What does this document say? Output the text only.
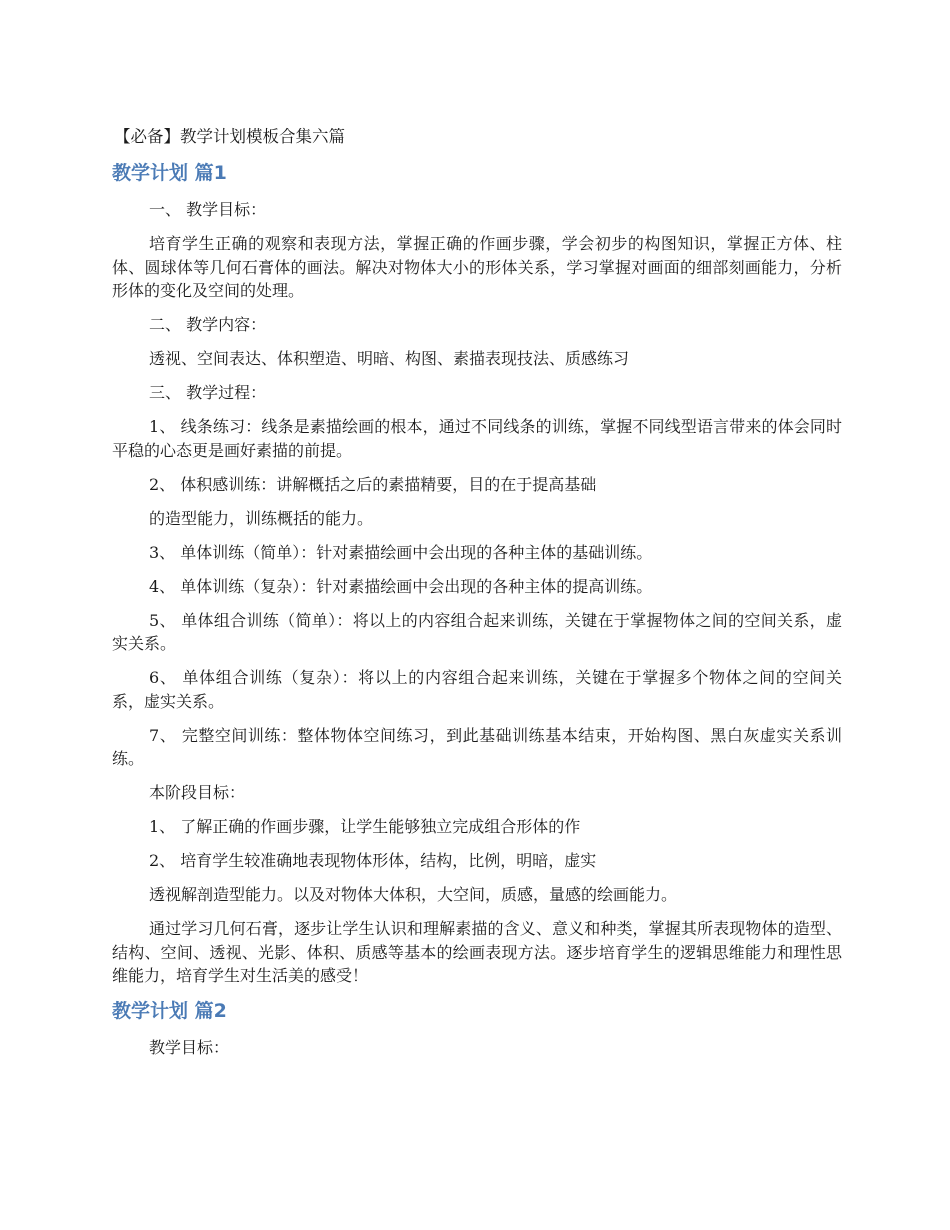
【必备】教学计划模板合集六篇
教学计划 篇1

一、 教学目标：

培育学生正确的观察和表现方法，掌握正确的作画步骤，学会初步的构图知识，掌握正方体、柱体、圆球体等几何石膏体的画法。解决对物体大小的形体关系，学习掌握对画面的细部刻画能力，分析形体的变化及空间的处理。

二、 教学内容：

透视、空间表达、体积塑造、明暗、构图、素描表现技法、质感练习

三、 教学过程：

1、 线条练习：线条是素描绘画的根本，通过不同线条的训练，掌握不同线型语言带来的体会同时平稳的心态更是画好素描的前提。

2、 体积感训练：讲解概括之后的素描精要，目的在于提高基础

的造型能力，训练概括的能力。

3、 单体训练（简单）：针对素描绘画中会出现的各种主体的基础训练。

4、 单体训练（复杂）：针对素描绘画中会出现的各种主体的提高训练。

5、 单体组合训练（简单）：将以上的内容组合起来训练，关键在于掌握物体之间的空间关系，虚实关系。

6、 单体组合训练（复杂）：将以上的内容组合起来训练，关键在于掌握多个物体之间的空间关系，虚实关系。

7、 完整空间训练：整体物体空间练习，到此基础训练基本结束，开始构图、黑白灰虚实关系训练。

本阶段目标：

1、 了解正确的作画步骤，让学生能够独立完成组合形体的作

2、 培育学生较准确地表现物体形体，结构，比例，明暗，虚实

透视解剖造型能力。以及对物体大体积，大空间，质感，量感的绘画能力。

通过学习几何石膏，逐步让学生认识和理解素描的含义、意义和种类，掌握其所表现物体的造型、结构、空间、透视、光影、体积、质感等基本的绘画表现方法。逐步培育学生的逻辑思维能力和理性思维能力，培育学生对生活美的感受！

教学计划 篇2

教学目标：
